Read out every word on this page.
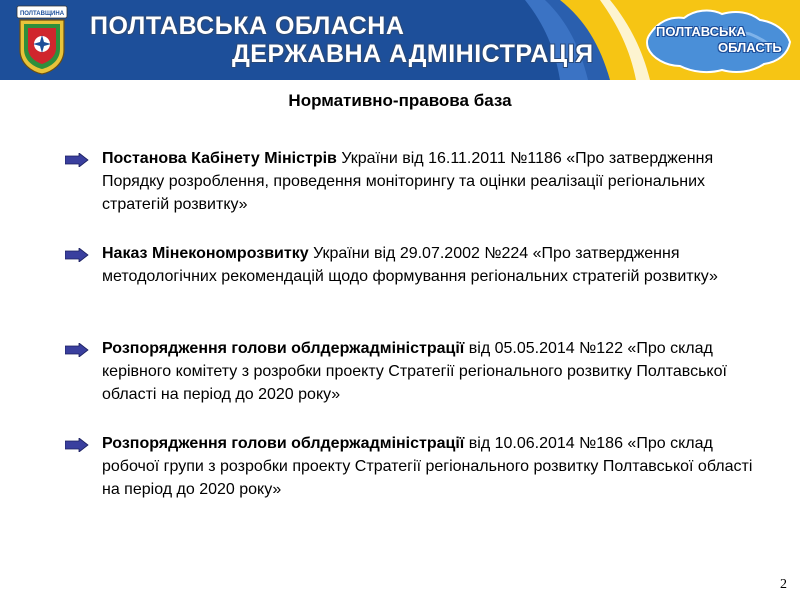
ПОЛТАВЩИНА ПОЛТАВСЬКА ОБЛАСНА
ДЕРЖАВНА АДМІНІСТРАЦІЯ
ПОЛТАВСЬКА
ОБЛАСТЬ
Нормативно-правова база
Постанова Кабінету Міністрів України від 16.11.2011 №1186 «Про затвердження Порядку розроблення, проведення моніторингу та оцінки реалізації регіональних стратегій розвитку»
Наказ Мінекономрозвитку України від 29.07.2002 №224 «Про затвердження методологічних рекомендацій щодо формування регіональних стратегій розвитку»
Розпорядження голови облдержадміністрації від 05.05.2014 №122 «Про склад керівного комітету з розробки проекту Стратегії регіонального розвитку Полтавської області на період до 2020 року»
Розпорядження голови облдержадміністрації від 10.06.2014 №186 «Про склад робочої групи з розробки проекту Стратегії регіонального розвитку Полтавської області на період до 2020 року»
2
